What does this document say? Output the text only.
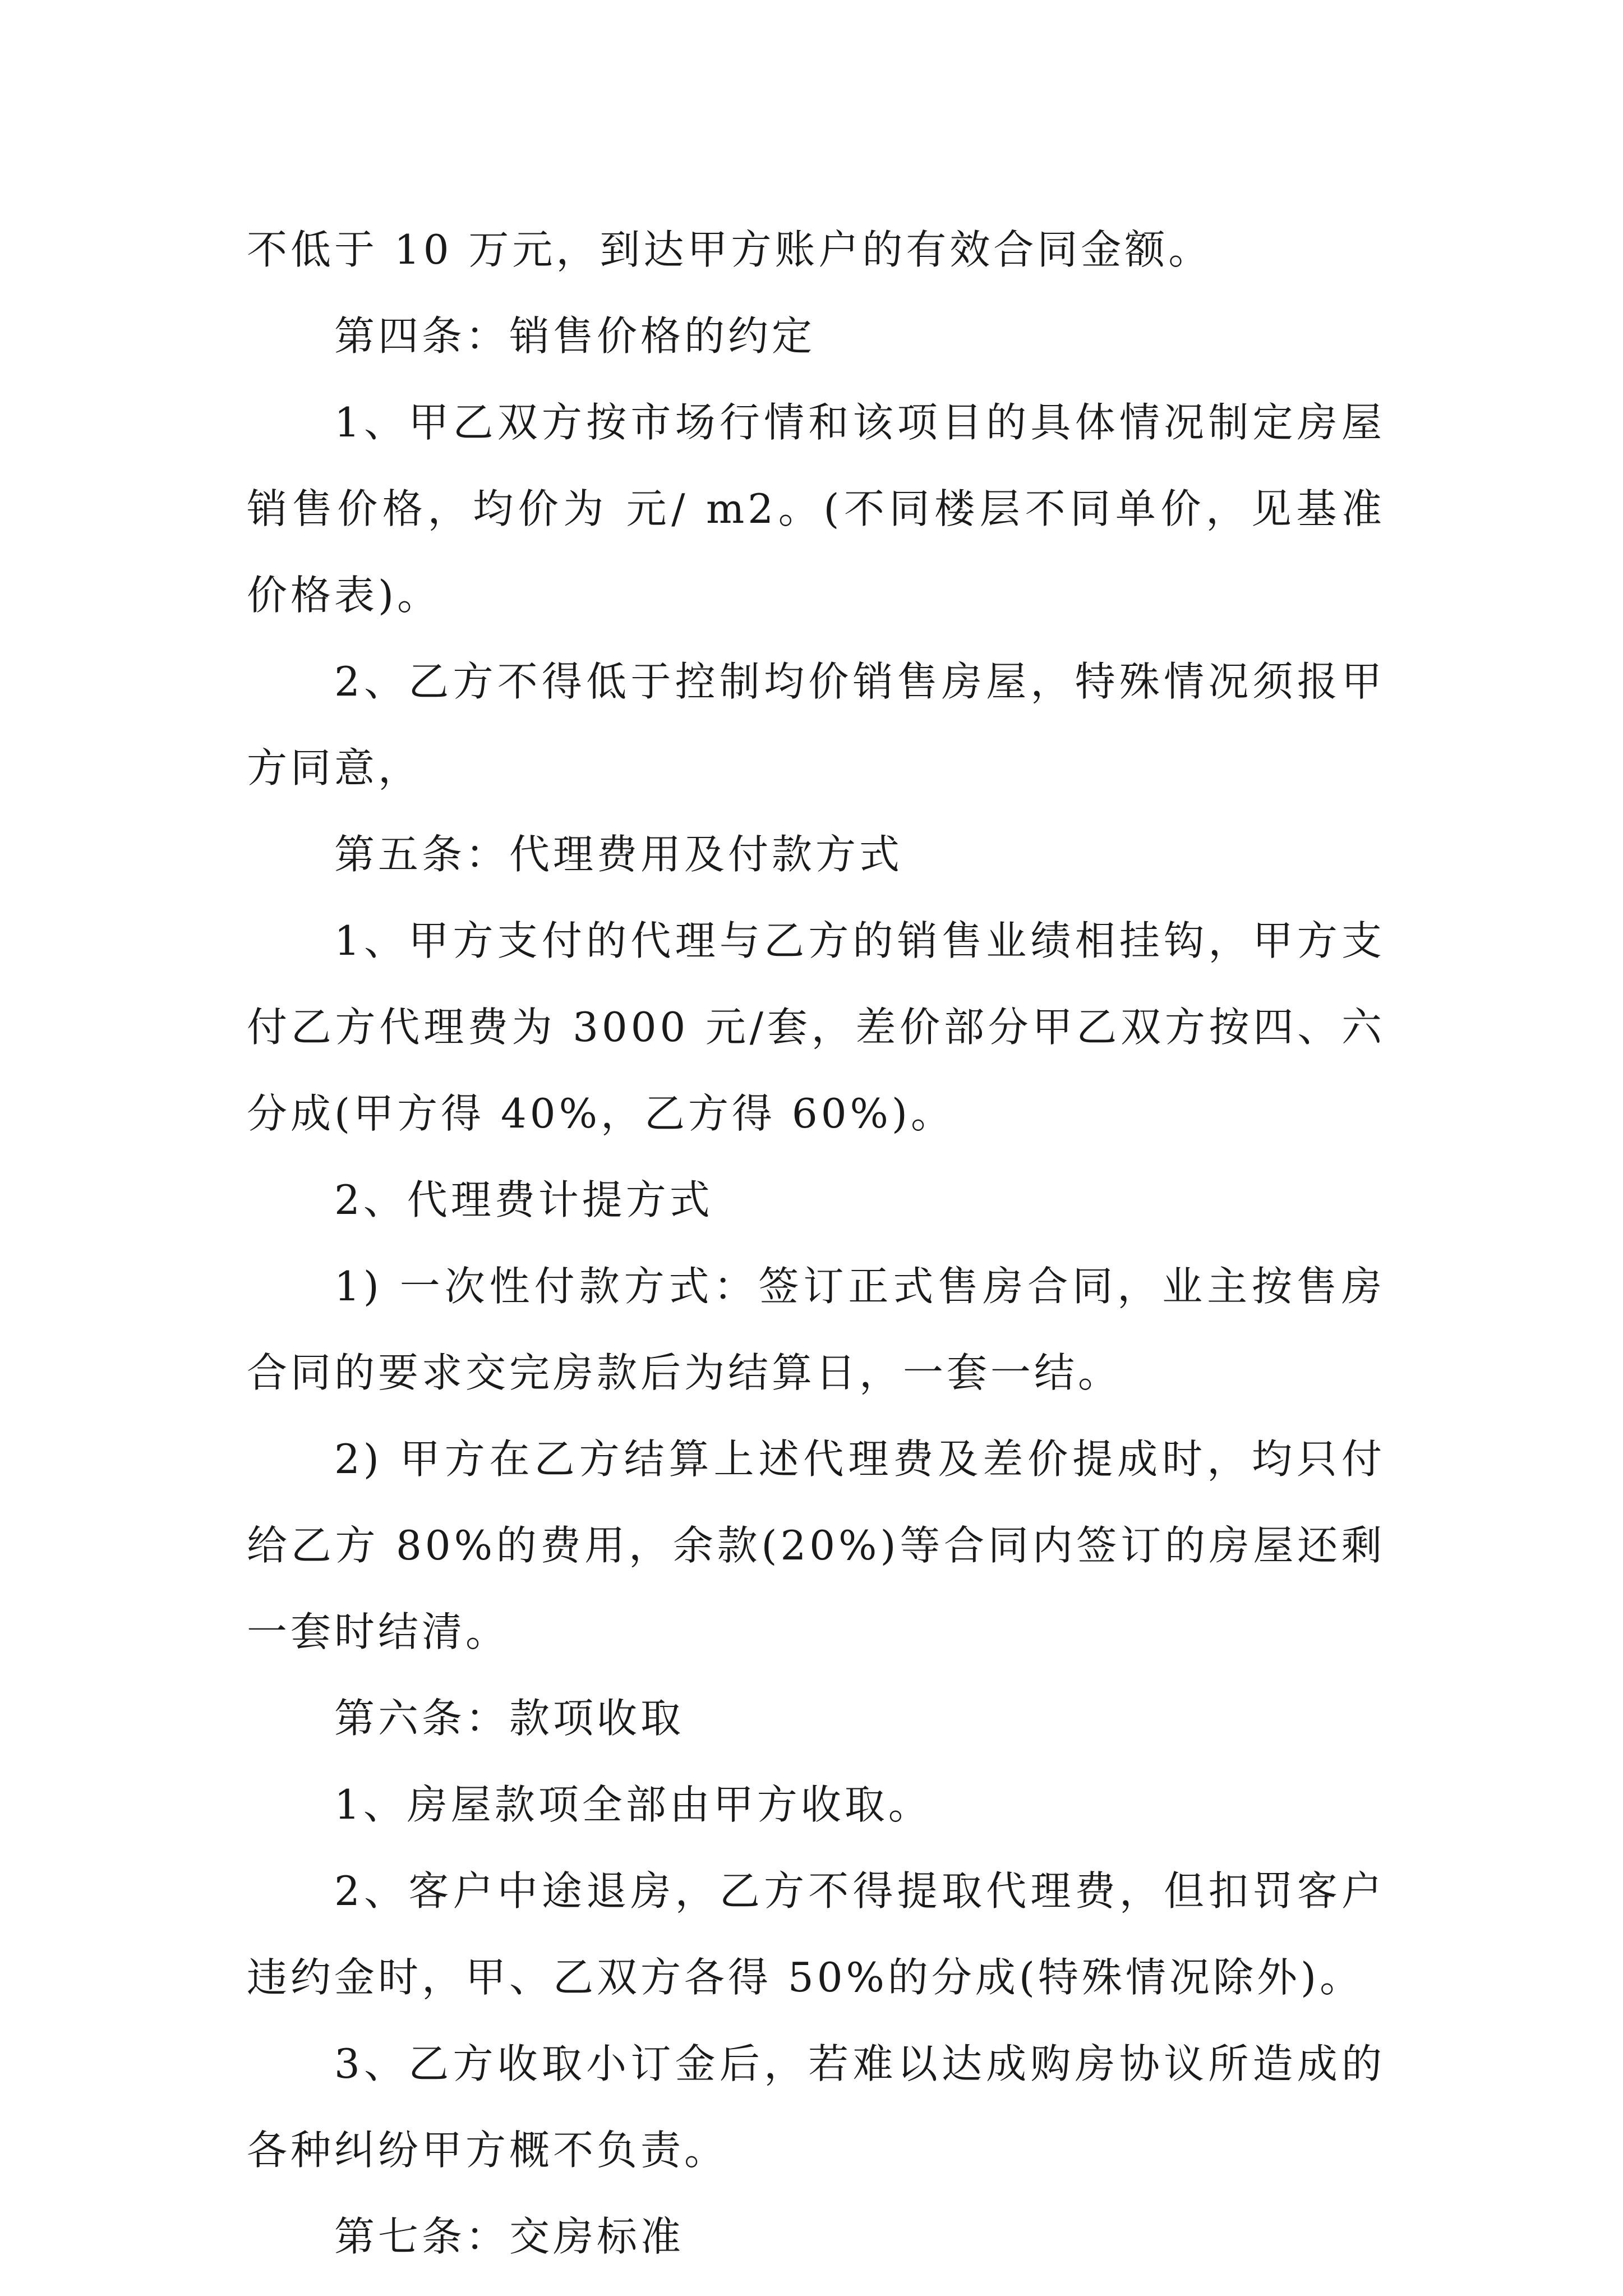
不低于 10 万元，到达甲方账户的有效合同金额。

第四条：销售价格的约定

1、甲乙双方按市场行情和该项目的具体情况制定房屋销售价格，均价为 元/ m2。(不同楼层不同单价，见基准价格表)。

2、乙方不得低于控制均价销售房屋，特殊情况须报甲方同意，

第五条：代理费用及付款方式

1、甲方支付的代理与乙方的销售业绩相挂钩，甲方支付乙方代理费为 3000 元/套，差价部分甲乙双方按四、六分成(甲方得 40%，乙方得 60%)。

2、代理费计提方式

1) 一次性付款方式：签订正式售房合同，业主按售房合同的要求交完房款后为结算日，一套一结。

2) 甲方在乙方结算上述代理费及差价提成时，均只付给乙方 80%的费用，余款(20%)等合同内签订的房屋还剩一套时结清。

第六条：款项收取

1、房屋款项全部由甲方收取。

2、客户中途退房，乙方不得提取代理费，但扣罚客户违约金时，甲、乙双方各得 50%的分成(特殊情况除外)。

3、乙方收取小订金后，若难以达成购房协议所造成的各种纠纷甲方概不负责。

第七条：交房标准
